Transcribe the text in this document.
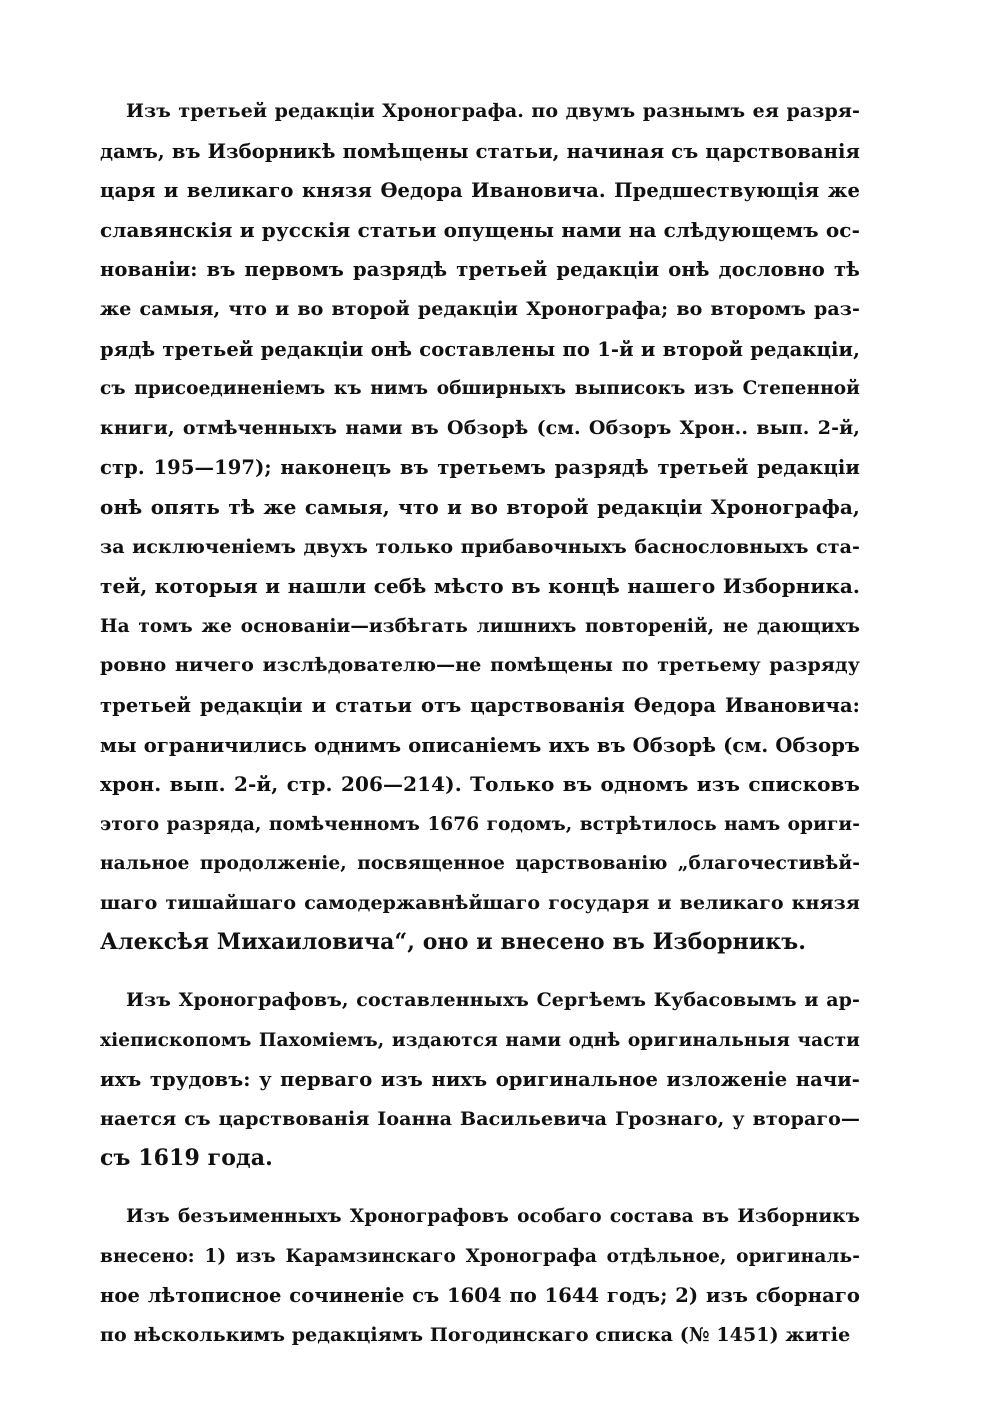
Изъ третьей редакціи Хронографа. по двумъ разнымъ ея разря-
дамъ, въ Изборникѣ помѣщены статьи, начиная съ царствованія
царя и великаго князя Ѳедора Ивановича. Предшествующія же
славянскія и русскія статьи опущены нами на слѣдующемъ ос-
нованіи: въ первомъ разрядѣ третьей редакціи онѣ дословно тѣ
же самыя, что и во второй редакціи Хронографа; во второмъ раз-
рядѣ третьей редакціи онѣ составлены по 1-й и второй редакціи,
съ присоединеніемъ къ нимъ обширныхъ выписокъ изъ Степенной
книги, отмѣченныхъ нами въ Обзорѣ (см. Обзоръ Хрон.. вып. 2-й,
стр. 195—197); наконецъ въ третьемъ разрядѣ третьей редакціи
онѣ опять тѣ же самыя, что и во второй редакціи Хронографа,
за исключеніемъ двухъ только прибавочныхъ баснословныхъ ста-
тей, которыя и нашли себѣ мѣсто въ концѣ нашего Изборника.
На томъ же основаніи—избѣгать лишнихъ повтореній, не дающихъ
ровно ничего изслѣдователю—не помѣщены по третьему разряду
третьей редакціи и статьи отъ царствованія Ѳедора Ивановича:
мы ограничились однимъ описаніемъ ихъ въ Обзорѣ (см. Обзоръ
хрон. вып. 2-й, стр. 206—214). Только въ одномъ изъ списковъ
этого разряда, помѣченномъ 1676 годомъ, встрѣтилось намъ ориги-
нальное продолженіе, посвященное царствованію „благочестивѣй-
шаго тишайшаго самодержавнѣйшаго государя и великаго князя
Алексѣя Михаиловича“, оно и внесено въ Изборникъ.
Изъ Хронографовъ, составленныхъ Сергѣемъ Кубасовымъ и ар-
хіепископомъ Пахоміемъ, издаются нами однѣ оригинальныя части
ихъ трудовъ: у перваго изъ нихъ оригинальное изложеніе начи-
нается съ царствованія Іоанна Васильевича Грознаго, у втораго—
съ 1619 года.
Изъ безъименныхъ Хронографовъ особаго состава въ Изборникъ
внесено: 1) изъ Карамзинскаго Хронографа отдѣльное, оригиналь-
ное лѣтописное сочиненіе съ 1604 по 1644 годъ; 2) изъ сборнаго
по нѣсколькимъ редакціямъ Погодинскаго списка (№ 1451) житіе
